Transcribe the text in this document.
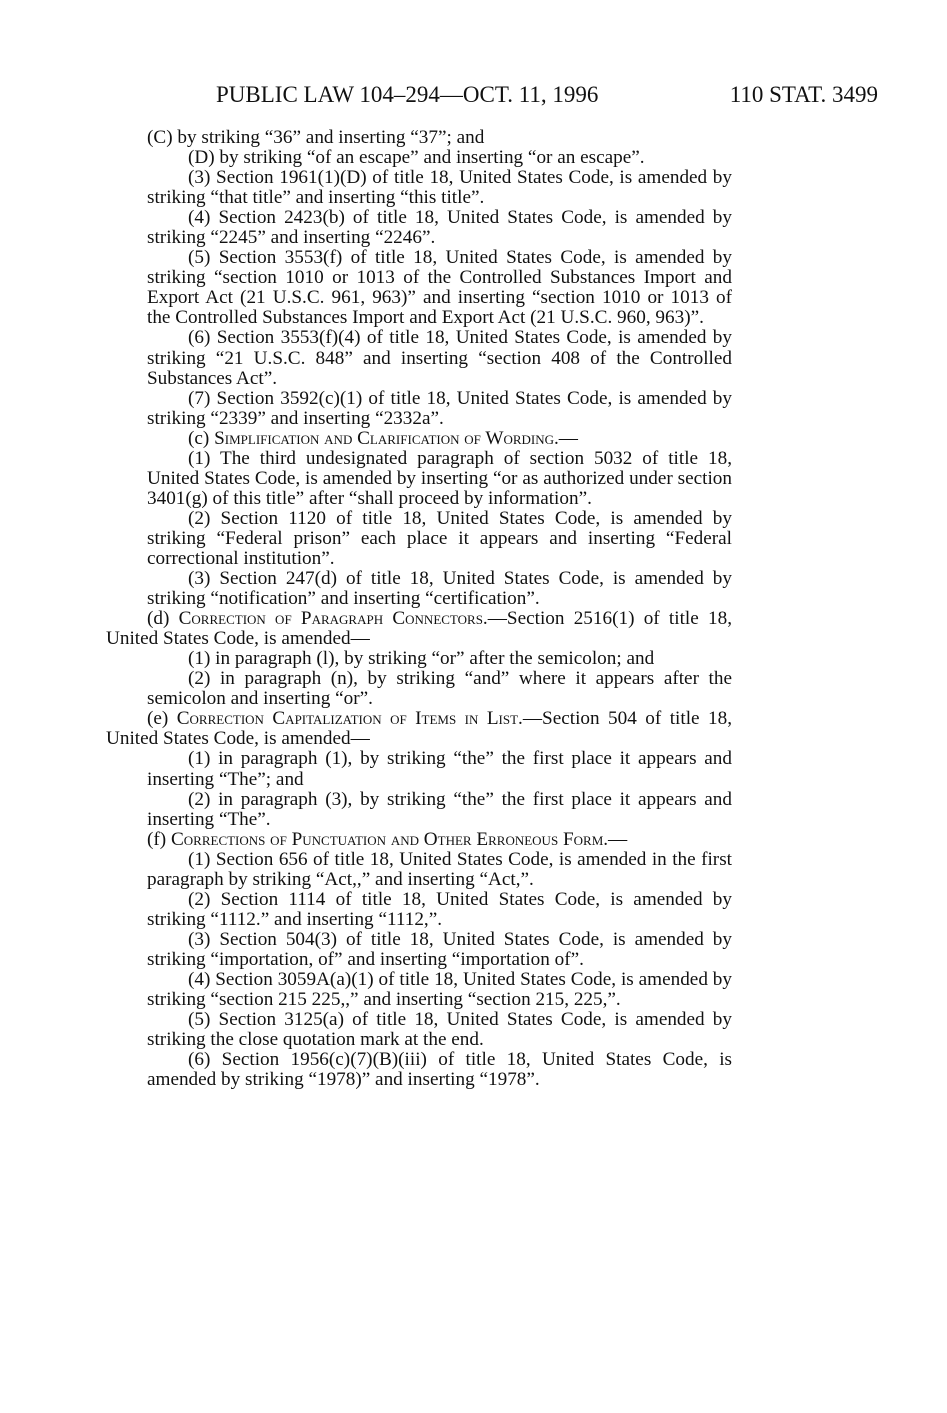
PUBLIC LAW 104–294—OCT. 11, 1996	110 STAT. 3499

(C) by striking “36” and inserting “37”; and

(D) by striking “of an escape” and inserting “or an escape”.

(3) Section 1961(1)(D) of title 18, United States Code, is amended by striking “that title” and inserting “this title”.

(4) Section 2423(b) of title 18, United States Code, is amended by striking “2245” and inserting “2246”.

(5) Section 3553(f) of title 18, United States Code, is amended by striking “section 1010 or 1013 of the Controlled Substances Import and Export Act (21 U.S.C. 961, 963)” and inserting “section 1010 or 1013 of the Controlled Substances Import and Export Act (21 U.S.C. 960, 963)”.

(6) Section 3553(f)(4) of title 18, United States Code, is amended by striking “21 U.S.C. 848” and inserting “section 408 of the Controlled Substances Act”.

(7) Section 3592(c)(1) of title 18, United States Code, is amended by striking “2339” and inserting “2332a”.

(c) Simplification and Clarification of Wording.—

(1) The third undesignated paragraph of section 5032 of title 18, United States Code, is amended by inserting “or as authorized under section 3401(g) of this title” after “shall proceed by information”.

(2) Section 1120 of title 18, United States Code, is amended by striking “Federal prison” each place it appears and inserting “Federal correctional institution”.

(3) Section 247(d) of title 18, United States Code, is amended by striking “notification” and inserting “certification”.

(d) Correction of Paragraph Connectors.—Section 2516(1) of title 18, United States Code, is amended—

(1) in paragraph (l), by striking “or” after the semicolon; and

(2) in paragraph (n), by striking “and” where it appears after the semicolon and inserting “or”.

(e) Correction Capitalization of Items in List.—Section 504 of title 18, United States Code, is amended—

(1) in paragraph (1), by striking “the” the first place it appears and inserting “The”; and

(2) in paragraph (3), by striking “the” the first place it appears and inserting “The”.

(f) Corrections of Punctuation and Other Erroneous Form.—

(1) Section 656 of title 18, United States Code, is amended in the first paragraph by striking “Act,,” and inserting “Act,”.

(2) Section 1114 of title 18, United States Code, is amended by striking “1112.” and inserting “1112,”.

(3) Section 504(3) of title 18, United States Code, is amended by striking “importation, of” and inserting “importation of”.

(4) Section 3059A(a)(1) of title 18, United States Code, is amended by striking “section 215 225,,” and inserting “section 215, 225,”.

(5) Section 3125(a) of title 18, United States Code, is amended by striking the close quotation mark at the end.

(6) Section 1956(c)(7)(B)(iii) of title 18, United States Code, is amended by striking “1978)” and inserting “1978”.
